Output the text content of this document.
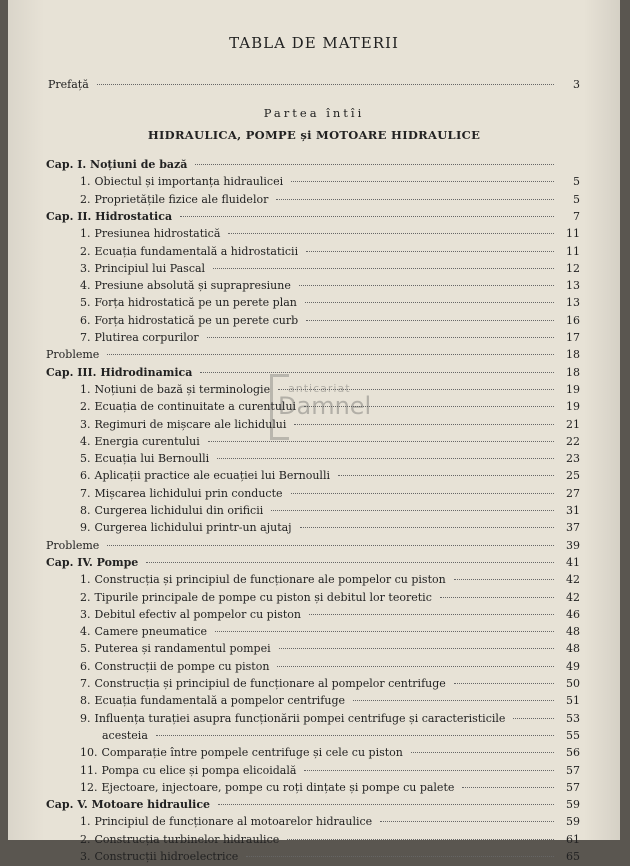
TABLA DE MATERII
Prefață	3
Partea întîi
HIDRAULICA, POMPE și MOTOARE HIDRAULICE
Cap. I. Noțiuni de bază
1. Obiectul și importanța hidraulicei	5
2. Proprietățile fizice ale fluidelor	5
Cap. II. Hidrostatica	7
1. Presiunea hidrostatică	11
2. Ecuația fundamentală a hidrostaticii	11
3. Principiul lui Pascal	12
4. Presiune absolută și suprapresiune	13
5. Forța hidrostatică pe un perete plan	13
6. Forța hidrostatică pe un perete curb	16
7. Plutirea corpurilor	17
Probleme	18
Cap. III. Hidrodinamica	18
1. Noțiuni de bază și terminologie	19
2. Ecuația de continuitate a curentului	19
3. Regimuri de mișcare ale lichidului	21
4. Energia curentului	22
5. Ecuația lui Bernoulli	23
6. Aplicații practice ale ecuației lui Bernoulli	25
7. Mișcarea lichidului prin conducte	27
8. Curgerea lichidului din orificii	31
9. Curgerea lichidului printr-un ajutaj	37
Probleme	39
Cap. IV. Pompe	41
1. Construcția și principiul de funcționare ale pompelor cu piston	42
2. Tipurile principale de pompe cu piston și debitul lor teoretic	42
3. Debitul efectiv al pompelor cu piston	46
4. Camere pneumatice	48
5. Puterea și randamentul pompei	48
6. Construcții de pompe cu piston	49
7. Construcția și principiul de funcționare al pompelor centrifuge	50
8. Ecuația fundamentală a pompelor centrifuge	51
9. Influența turației asupra funcționării pompei centrifuge și caracteristicile	53
acesteia	55
10. Comparație între pompele centrifuge și cele cu piston	56
11. Pompa cu elice și pompa elicoidală	57
12. Ejectoare, injectoare, pompe cu roți dințate și pompe cu palete	57
Cap. V. Motoare hidraulice	59
1. Principiul de funcționare al motoarelor hidraulice	59
2. Construcția turbinelor hidraulice	61
3. Construcții hidroelectrice	65
anticariat
Damnel
